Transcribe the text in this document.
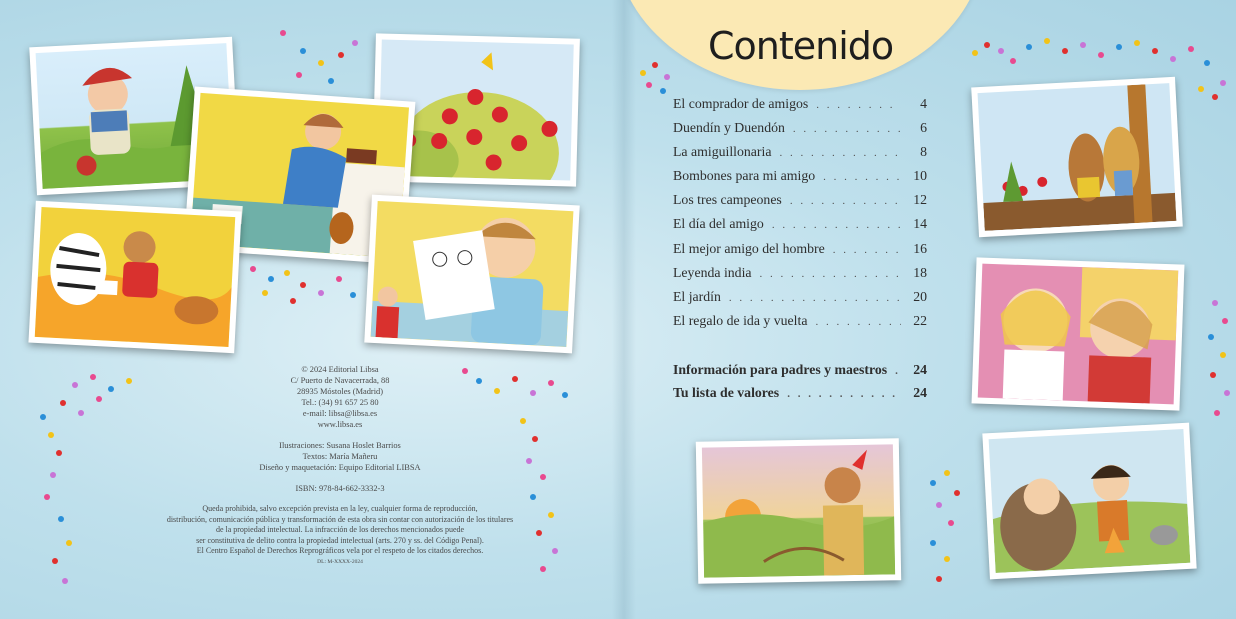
© 2024 Editorial Libsa
C/ Puerto de Navacerrada, 88
28935 Móstoles (Madrid)
Tel.: (34) 91 657 25 80
e-mail: libsa@libsa.es
www.libsa.es
Ilustraciones: Susana Hoslet Barrios
Textos: María Mañeru
Diseño y maquetación: Equipo Editorial LIBSA
ISBN: 978-84-662-3332-3
Queda prohibida, salvo excepción prevista en la ley, cualquier forma de reproducción,
distribución, comunicación pública y transformación de esta obra sin contar con autorización de los titulares
de la propiedad intelectual. La infracción de los derechos mencionados puede
ser constitutiva de delito contra la propiedad intelectual (arts. 270 y ss. del Código Penal).
El Centro Español de Derechos Reprográficos vela por el respeto de los citados derechos.
DL: M-XXXX-2024
Contenido
El comprador de amigos . . .	4
Duendín y Duendón . . .	6
La amiguillonaria . . .	8
Bombones para mi amigo . . .	10
Los tres campeones . . .	12
El día del amigo . . .	14
El mejor amigo del hombre . . .	16
Leyenda india . . .	18
El jardín . . .	20
El regalo de ida y vuelta . . .	22
Información para padres y maestros . . .	24
Tu lista de valores . . .	24
